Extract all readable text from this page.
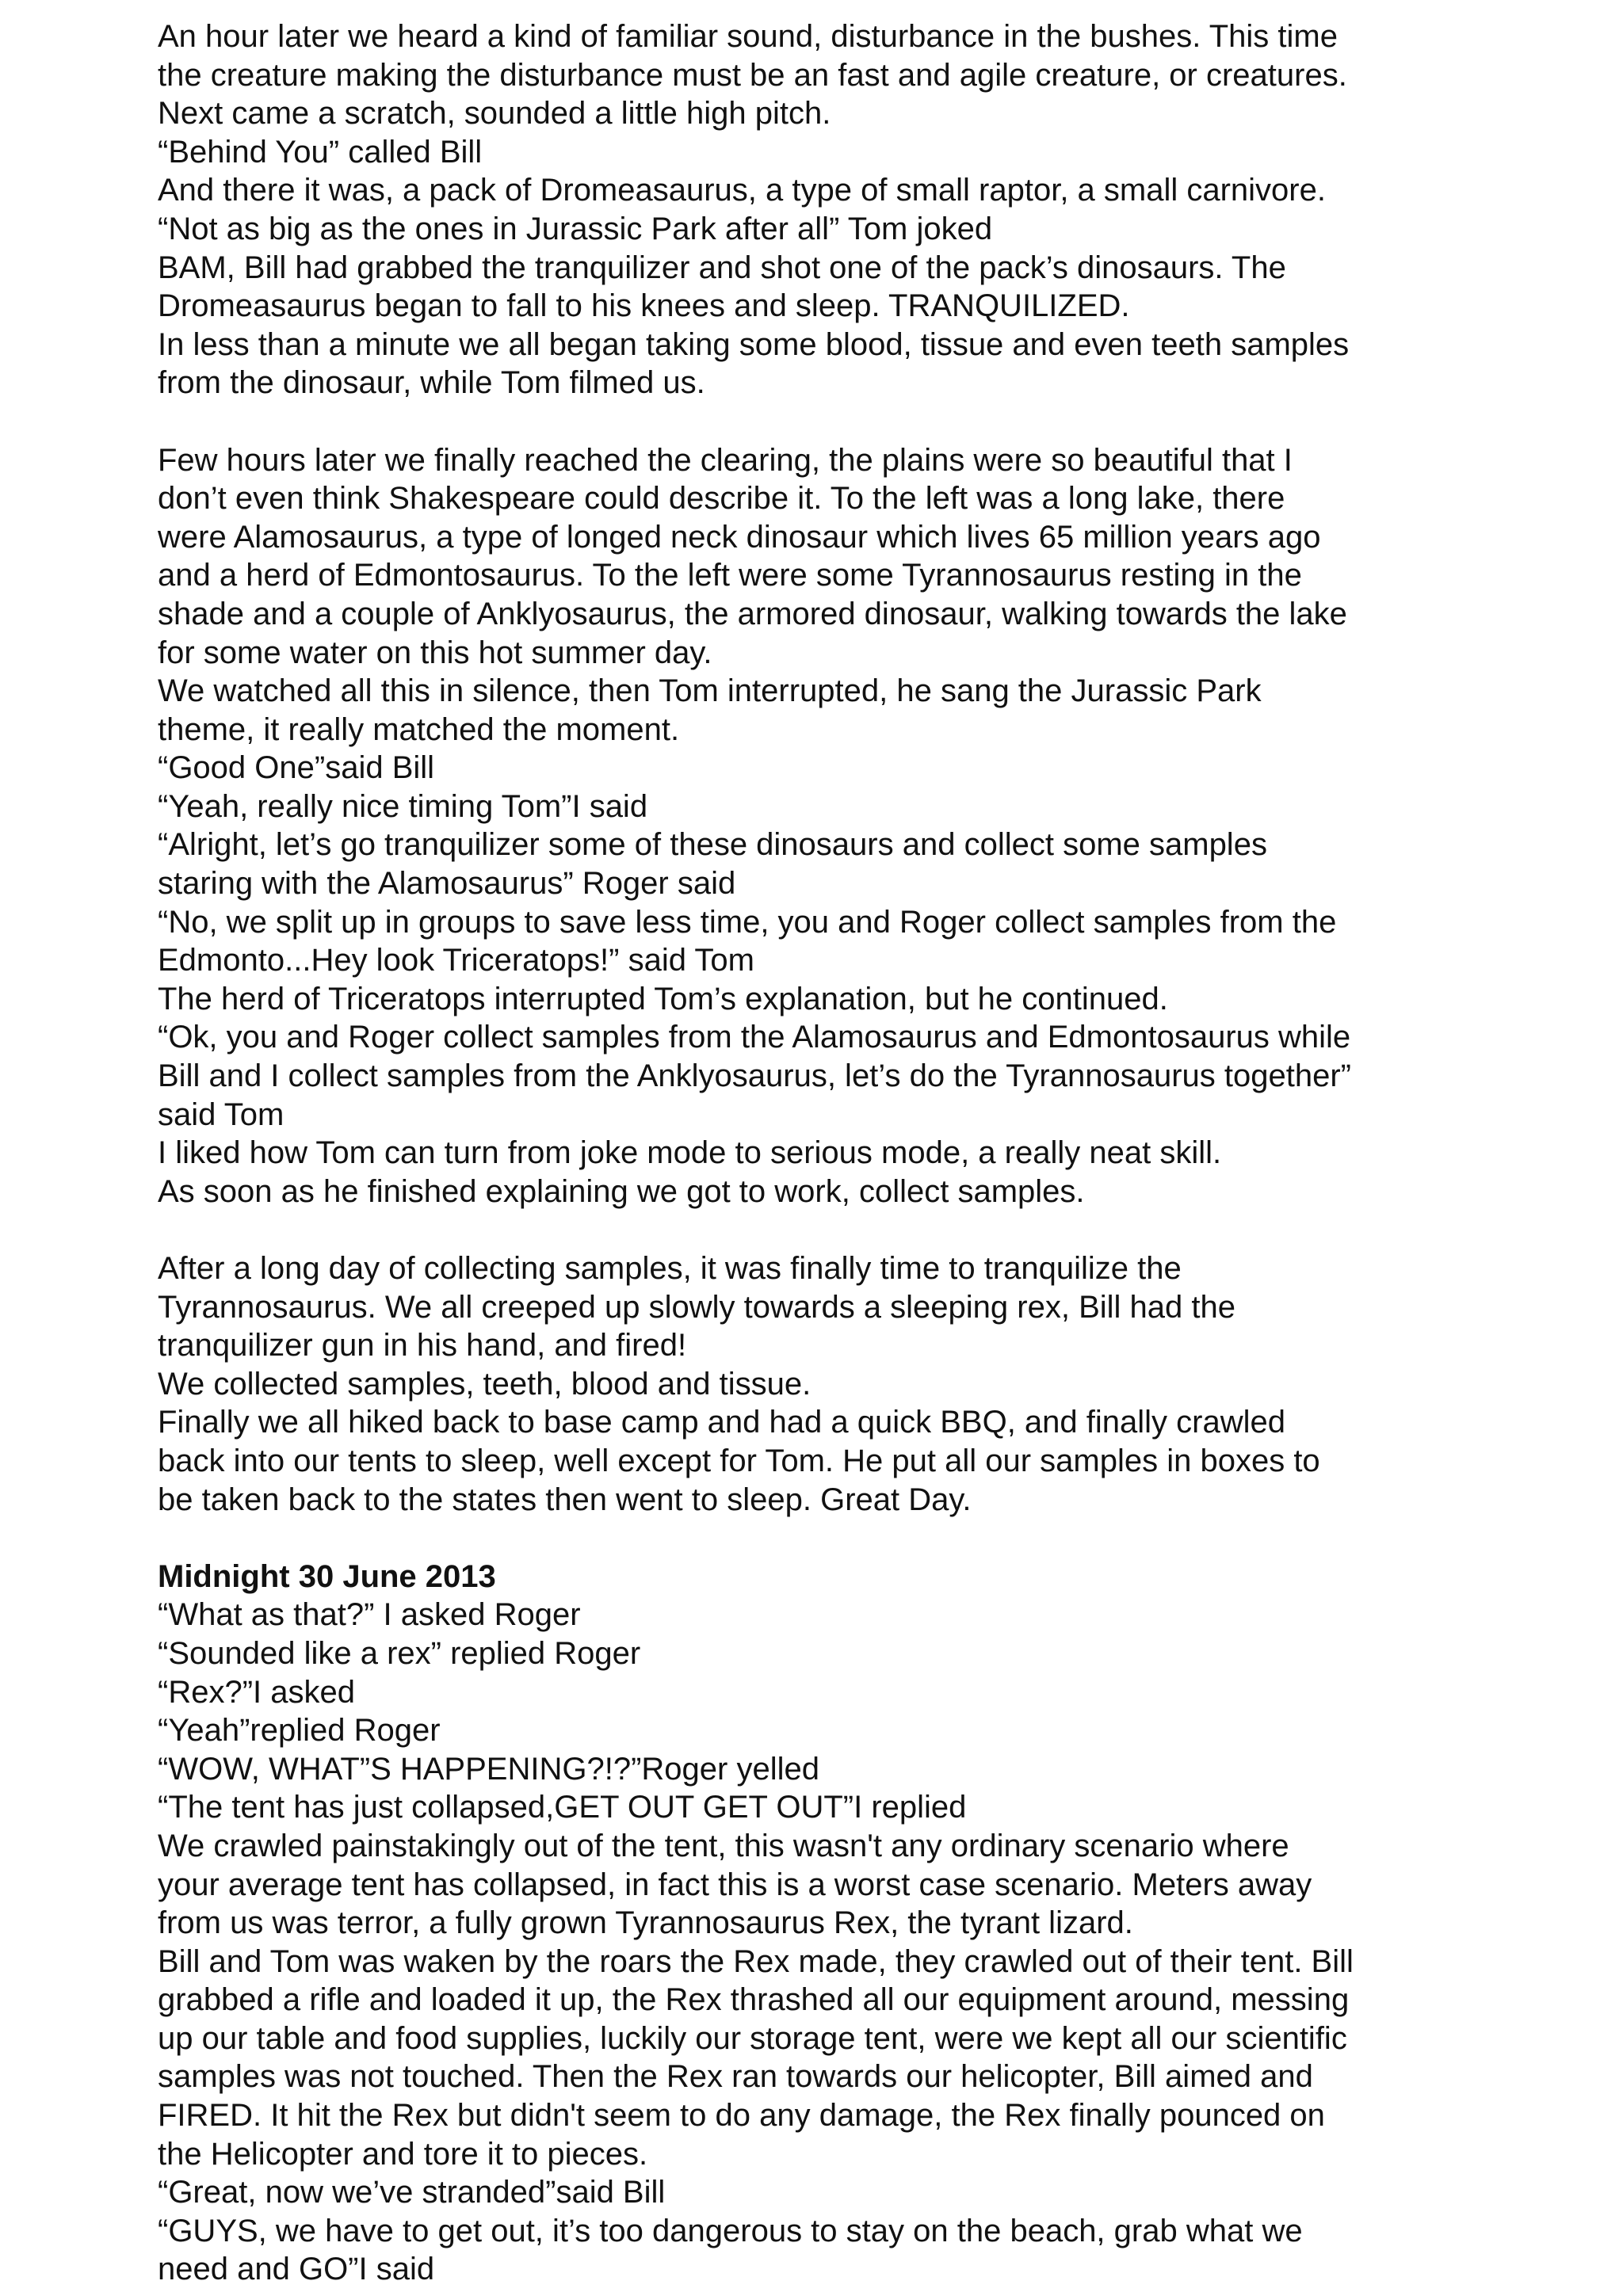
An hour later we heard a kind of familiar sound, disturbance in the bushes. This time
the creature making the disturbance must be an fast and agile creature, or creatures.
Next came a scratch, sounded a little high pitch.
“Behind You” called Bill
And there it was, a pack of Dromeasaurus, a type of small raptor, a small carnivore.
“Not as big as the ones in Jurassic Park after all” Tom joked
BAM, Bill had grabbed the tranquilizer and shot one of the pack’s dinosaurs. The
Dromeasaurus began to fall to his knees and sleep. TRANQUILIZED.
In less than a minute we all began taking some blood, tissue and even teeth samples
from the dinosaur, while Tom filmed us.
Few hours later we finally reached the clearing, the plains were so beautiful that I
don’t even think Shakespeare could describe it. To the left was a long lake, there
were Alamosaurus, a type of longed neck dinosaur which lives 65 million years ago
and a herd of Edmontosaurus. To the left were some Tyrannosaurus resting in the
shade and a couple of Anklyosaurus, the armored dinosaur, walking towards the lake
for some water on this hot summer day.
We watched all this in silence, then Tom interrupted, he sang the Jurassic Park
theme, it really matched the moment.
“Good One”said Bill
“Yeah, really nice timing Tom”I said
“Alright, let’s go tranquilizer some of these dinosaurs and collect some samples
staring with the Alamosaurus” Roger said
“No, we split up in groups to save less time, you and Roger collect samples from the
Edmonto...Hey look Triceratops!” said Tom
The herd of Triceratops interrupted Tom’s explanation, but he continued.
“Ok, you and Roger collect samples from the Alamosaurus and Edmontosaurus while
Bill and I collect samples from the Anklyosaurus, let’s do the Tyrannosaurus together”
said Tom
I liked how Tom can turn from joke mode to serious mode, a really neat skill.
As soon as he finished explaining we got to work, collect samples.
After a long day of collecting samples, it was finally time to tranquilize the
Tyrannosaurus. We all creeped up slowly towards a sleeping rex, Bill had the
tranquilizer gun in his hand, and fired!
We collected samples, teeth, blood and tissue.
Finally we all hiked back to base camp and had a quick BBQ, and finally crawled
back into our tents to sleep, well except for Tom. He put all our samples in boxes to
be taken back to the states then went to sleep. Great Day.
Midnight 30 June 2013
“What as that?” I asked Roger
“Sounded like a rex” replied Roger
“Rex?”I asked
“Yeah”replied Roger
“WOW, WHAT”S HAPPENING?!?”Roger yelled
“The tent has just collapsed,GET OUT GET OUT”I replied
We crawled painstakingly out of the tent, this wasn't any ordinary scenario where
your average tent has collapsed, in fact this is a worst case scenario. Meters away
from us was terror, a fully grown Tyrannosaurus Rex, the tyrant lizard.
Bill and Tom was waken by the roars the Rex made, they crawled out of their tent. Bill
grabbed a rifle and loaded it up, the Rex thrashed all our equipment around, messing
up our table and food supplies, luckily our storage tent, were we kept all our scientific
samples was not touched. Then the Rex ran towards our helicopter, Bill aimed and
FIRED. It hit the Rex but didn't seem to do any damage, the Rex finally pounced on
the Helicopter and tore it to pieces.
“Great, now we’ve stranded”said Bill
“GUYS, we have to get out, it’s too dangerous to stay on the beach, grab what we
need and GO”I said
